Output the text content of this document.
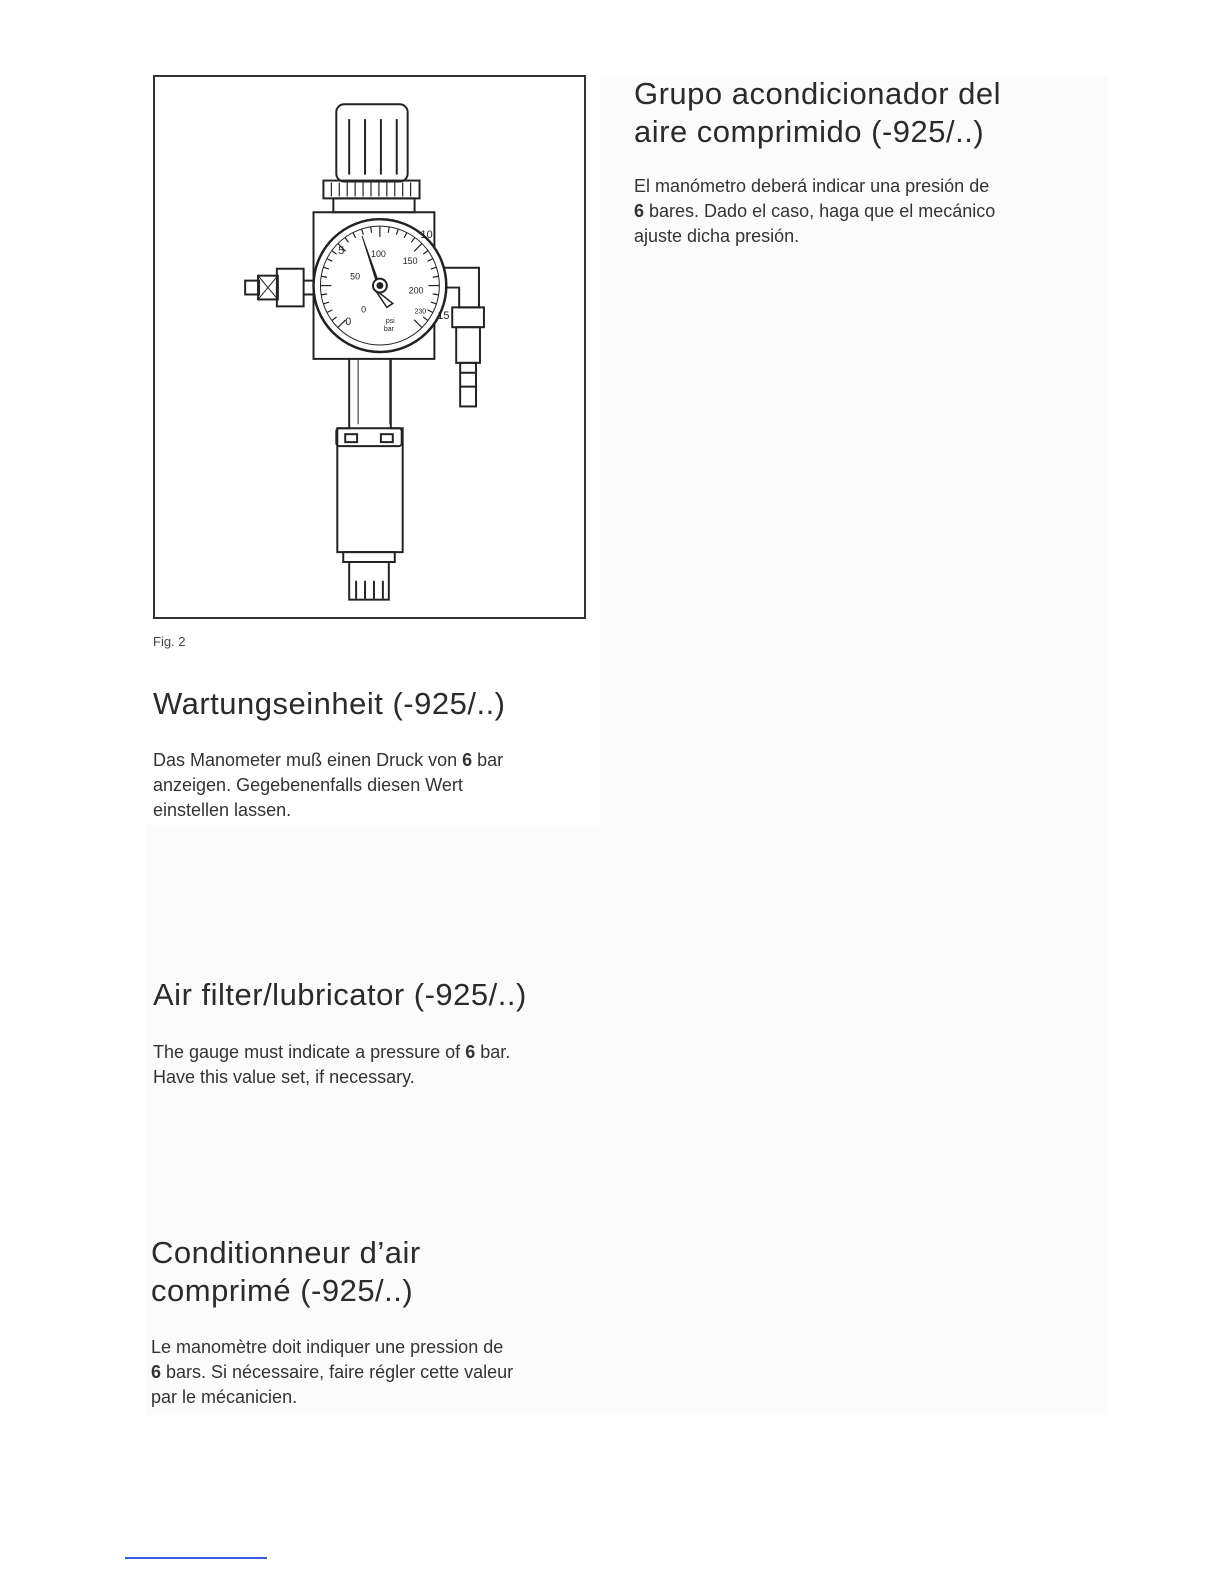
0
5
10
15
0
50
100
150
200
230
psi
bar
Fig. 2
Grupo acondicionador del
aire comprimido (-925/..)

El manómetro deberá indicar una presión de
6 bares. Dado el caso, haga que el mecánico
ajuste dicha presión.

Wartungseinheit (-925/..)

Das Manometer muß einen Druck von 6 bar
anzeigen. Gegebenenfalls diesen Wert
einstellen lassen.

Air filter/lubricator (-925/..)

The gauge must indicate a pressure of 6 bar.
Have this value set, if necessary.

Conditionneur d’air
comprimé (-925/..)

Le manomètre doit indiquer une pression de
6 bars. Si nécessaire, faire régler cette valeur
par le mécanicien.
